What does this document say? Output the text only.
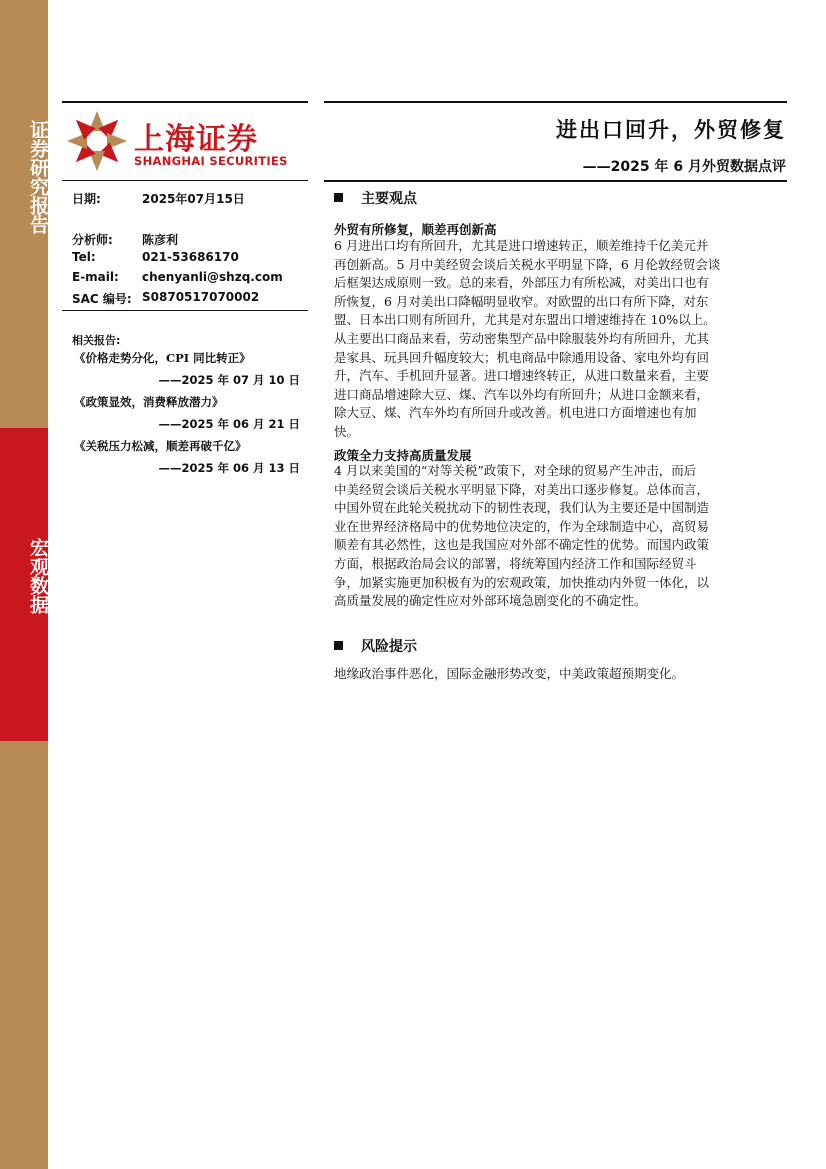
证券研究报告
宏观数据
上海证券
SHANGHAI SECURITIES
进出口回升，外贸修复
——2025 年 6 月外贸数据点评
日期:	2025年07月15日
分析师: 陈彦利
Tel:	021-53686170
E-mail: chenyanli@shzq.com
SAC 编号: S0870517070002
相关报告:
《价格走势分化，CPI 同比转正》
——2025 年 07 月 10 日
《政策显效，消费释放潜力》
——2025 年 06 月 21 日
《关税压力松减，顺差再破千亿》
——2025 年 06 月 13 日
主要观点
外贸有所修复，顺差再创新高
6 月进出口均有所回升，尤其是进口增速转正，顺差维持千亿美元并
再创新高。5 月中美经贸会谈后关税水平明显下降，6 月伦敦经贸会谈
后框架达成原则一致。总的来看，外部压力有所松减，对美出口也有
所恢复，6 月对美出口降幅明显收窄。对欧盟的出口有所下降，对东
盟、日本出口则有所回升，尤其是对东盟出口增速维持在 10%以上。
从主要出口商品来看，劳动密集型产品中除服装外均有所回升，尤其
是家具、玩具回升幅度较大；机电商品中除通用设备、家电外均有回
升，汽车、手机回升显著。进口增速终转正，从进口数量来看，主要
进口商品增速除大豆、煤、汽车以外均有所回升；从进口金额来看，
除大豆、煤、汽车外均有所回升或改善。机电进口方面增速也有加
快。
政策全力支持高质量发展
4 月以来美国的“对等关税”政策下，对全球的贸易产生冲击，而后
中美经贸会谈后关税水平明显下降，对美出口逐步修复。总体而言，
中国外贸在此轮关税扰动下的韧性表现，我们认为主要还是中国制造
业在世界经济格局中的优势地位决定的，作为全球制造中心，高贸易
顺差有其必然性，这也是我国应对外部不确定性的优势。而国内政策
方面，根据政治局会议的部署，将统筹国内经济工作和国际经贸斗
争，加紧实施更加积极有为的宏观政策，加快推动内外贸一体化，以
高质量发展的确定性应对外部环境急剧变化的不确定性。
风险提示
地缘政治事件恶化，国际金融形势改变，中美政策超预期变化。
